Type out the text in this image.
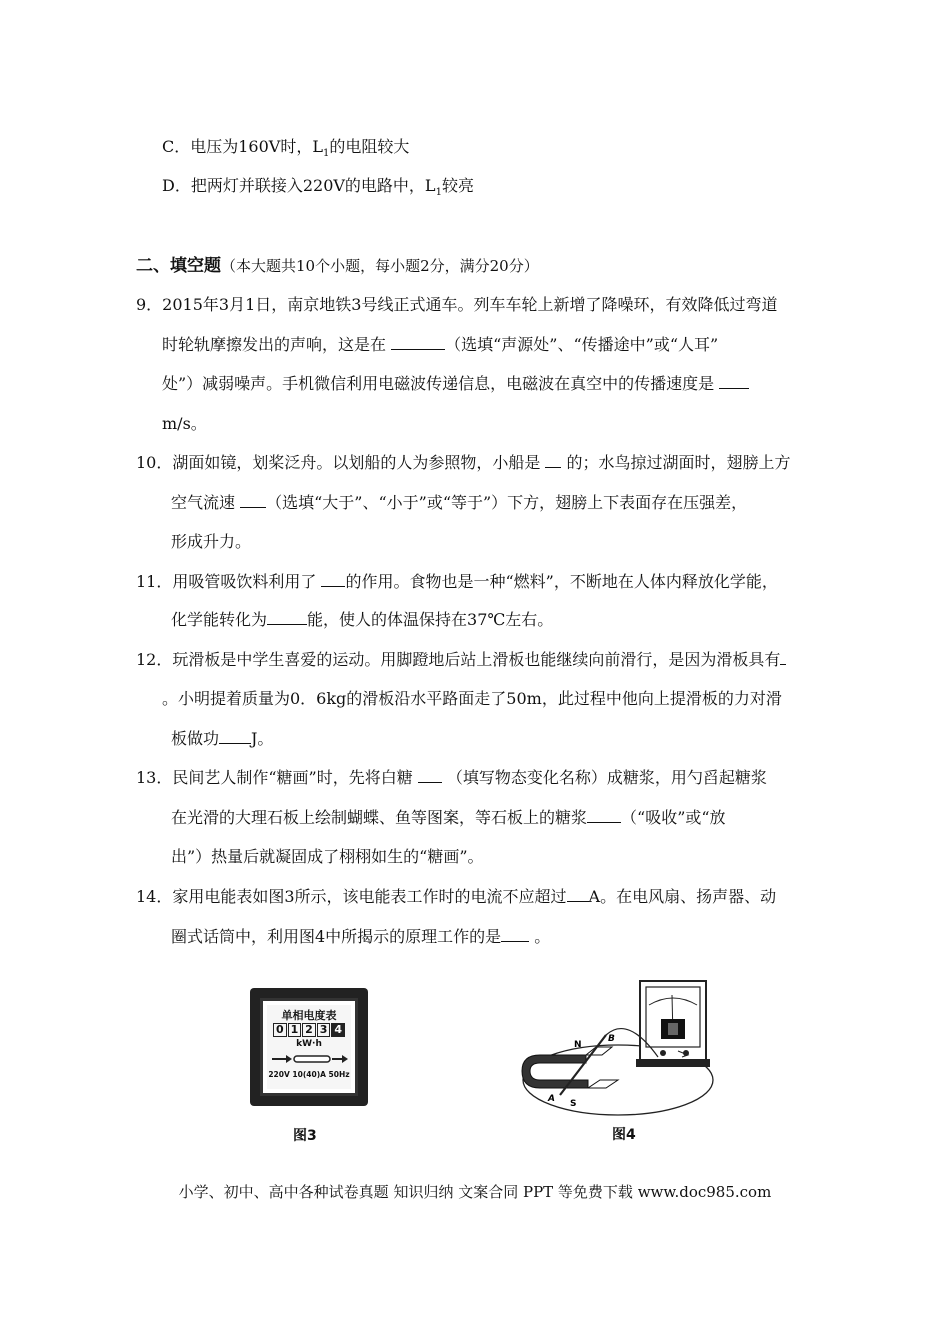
C．电压为160V时，$L_1$的电阻较大
D．把两灯并联接入220V的电路中，$L_1$较亮
二、填空题（本大题共10个小题，每小题2分，满分20分）
9．2015年3月1日，南京地铁3号线正式通车。列车车轮上新增了降噪环，有效降低过弯道
时轮轨摩擦发出的声响，这是在	（选填“声源处”、“传播途中”或“人耳”
处”）减弱噪声。手机微信利用电磁波传递信息，电磁波在真空中的传播速度是
m/s。
10．湖面如镜，划桨泛舟。以划船的人为参照物，小船是  的；水鸟掠过湖面时，翅膀上方
空气流速 （选填“大于”、“小于”或“等于”）下方，翅膀上下表面存在压强差，
形成升力。
11．用吸管吸饮料利用了 的作用。食物也是一种“燃料”，不断地在人体内释放化学能，
化学能转化为	能，使人的体温保持在37℃左右。
12．玩滑板是中学生喜爱的运动。用脚蹬地后站上滑板也能继续向前滑行，是因为滑板具有
。小明提着质量为0．6kg的滑板沿水平路面走了50m，此过程中他向上提滑板的力对滑
板做功 J。
13．民间艺人制作“糖画”时，先将白糖  （填写物态变化名称）成糖浆，用勺舀起糖浆
在光滑的大理石板上绘制蝴蝶、鱼等图案，等石板上的糖浆 （“吸收”或“放
出”）热量后就凝固成了栩栩如生的“糖画”。
14．家用电能表如图3所示，该电能表工作时的电流不应超过 A。在电风扇、扬声器、动
圈式话筒中，利用图4中所揭示的原理工作的是 。
单相电度表
0 1 2 3 4
kW·h
220V 10(40)A 50Hz
图3
N
S
A
B
图4
小学、初中、高中各种试卷真题 知识归纳 文案合同 PPT 等免费下载 www.doc985.com
